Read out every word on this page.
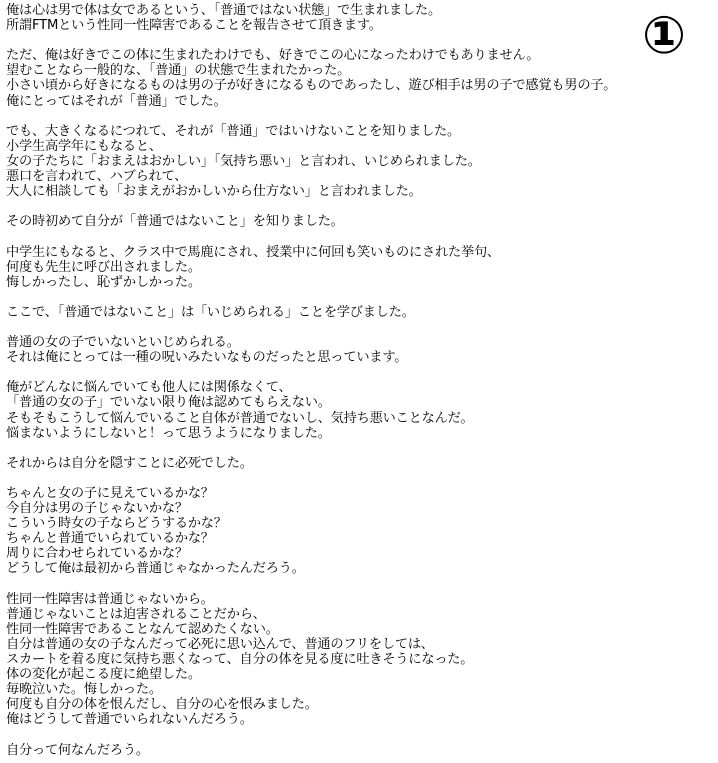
①
俺は心は男で体は女であるという、「普通ではない状態」で生まれました。
所謂FTMという性同一性障害であることを報告させて頂きます。
ただ、俺は好きでこの体に生まれたわけでも、好きでこの心になったわけでもありません。
望むことなら一般的な、「普通」の状態で生まれたかった。
小さい頃から好きになるものは男の子が好きになるものであったし、遊び相手は男の子で感覚も男の子。
俺にとってはそれが「普通」でした。
でも、大きくなるにつれて、それが「普通」ではいけないことを知りました。
小学生高学年にもなると、
女の子たちに「おまえはおかしい」「気持ち悪い」と言われ、いじめられました。
悪口を言われて、ハブられて、
大人に相談しても「おまえがおかしいから仕方ない」と言われました。
その時初めて自分が「普通ではないこと」を知りました。
中学生にもなると、クラス中で馬鹿にされ、授業中に何回も笑いものにされた挙句、
何度も先生に呼び出されました。
悔しかったし、恥ずかしかった。
ここで、「普通ではないこと」は「いじめられる」ことを学びました。
普通の女の子でいないといじめられる。
それは俺にとっては一種の呪いみたいなものだったと思っています。
俺がどんなに悩んでいても他人には関係なくて、
「普通の女の子」でいない限り俺は認めてもらえない。
そもそもこうして悩んでいること自体が普通でないし、気持ち悪いことなんだ。
悩まないようにしないと！って思うようになりました。
それからは自分を隠すことに必死でした。
ちゃんと女の子に見えているかな？
今自分は男の子じゃないかな？
こういう時女の子ならどうするかな？
ちゃんと普通でいられているかな？
周りに合わせられているかな？
どうして俺は最初から普通じゃなかったんだろう。
性同一性障害は普通じゃないから。
普通じゃないことは迫害されることだから、
性同一性障害であることなんて認めたくない。
自分は普通の女の子なんだって必死に思い込んで、普通のフリをしては、
スカートを着る度に気持ち悪くなって、自分の体を見る度に吐きそうになった。
体の変化が起こる度に絶望した。
毎晩泣いた。悔しかった。
何度も自分の体を恨んだし、自分の心を恨みました。
俺はどうして普通でいられないんだろう。
自分って何なんだろう。
